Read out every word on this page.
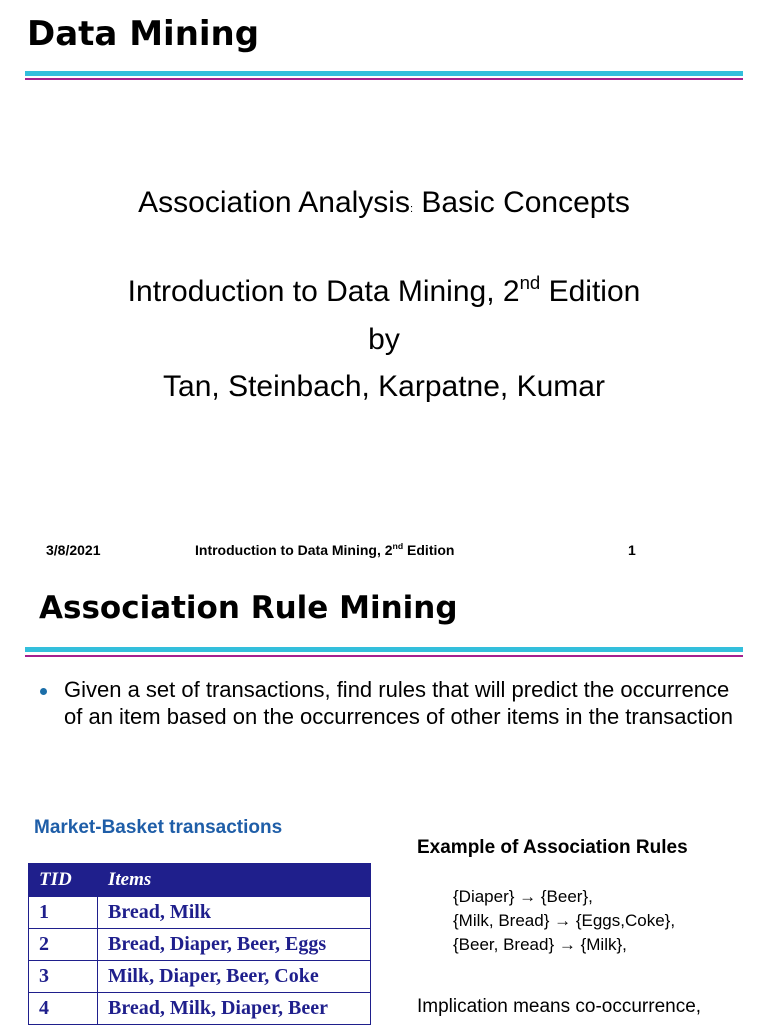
Data Mining
Association Analysis: Basic Concepts
Introduction to Data Mining, 2nd Edition
by
Tan, Steinbach, Karpatne, Kumar
3/8/2021	Introduction to Data Mining, 2nd Edition	1
Association Rule Mining
Given a set of transactions, find rules that will predict the occurrence of an item based on the occurrences of other items in the transaction
Market-Basket transactions
TID	Items
1	Bread, Milk
2	Bread, Diaper, Beer, Eggs
3	Milk, Diaper, Beer, Coke
4	Bread, Milk, Diaper, Beer
Example of Association Rules
{Diaper} → {Beer},
{Milk, Bread} → {Eggs,Coke},
{Beer, Bread} → {Milk},
Implication means co-occurrence,
